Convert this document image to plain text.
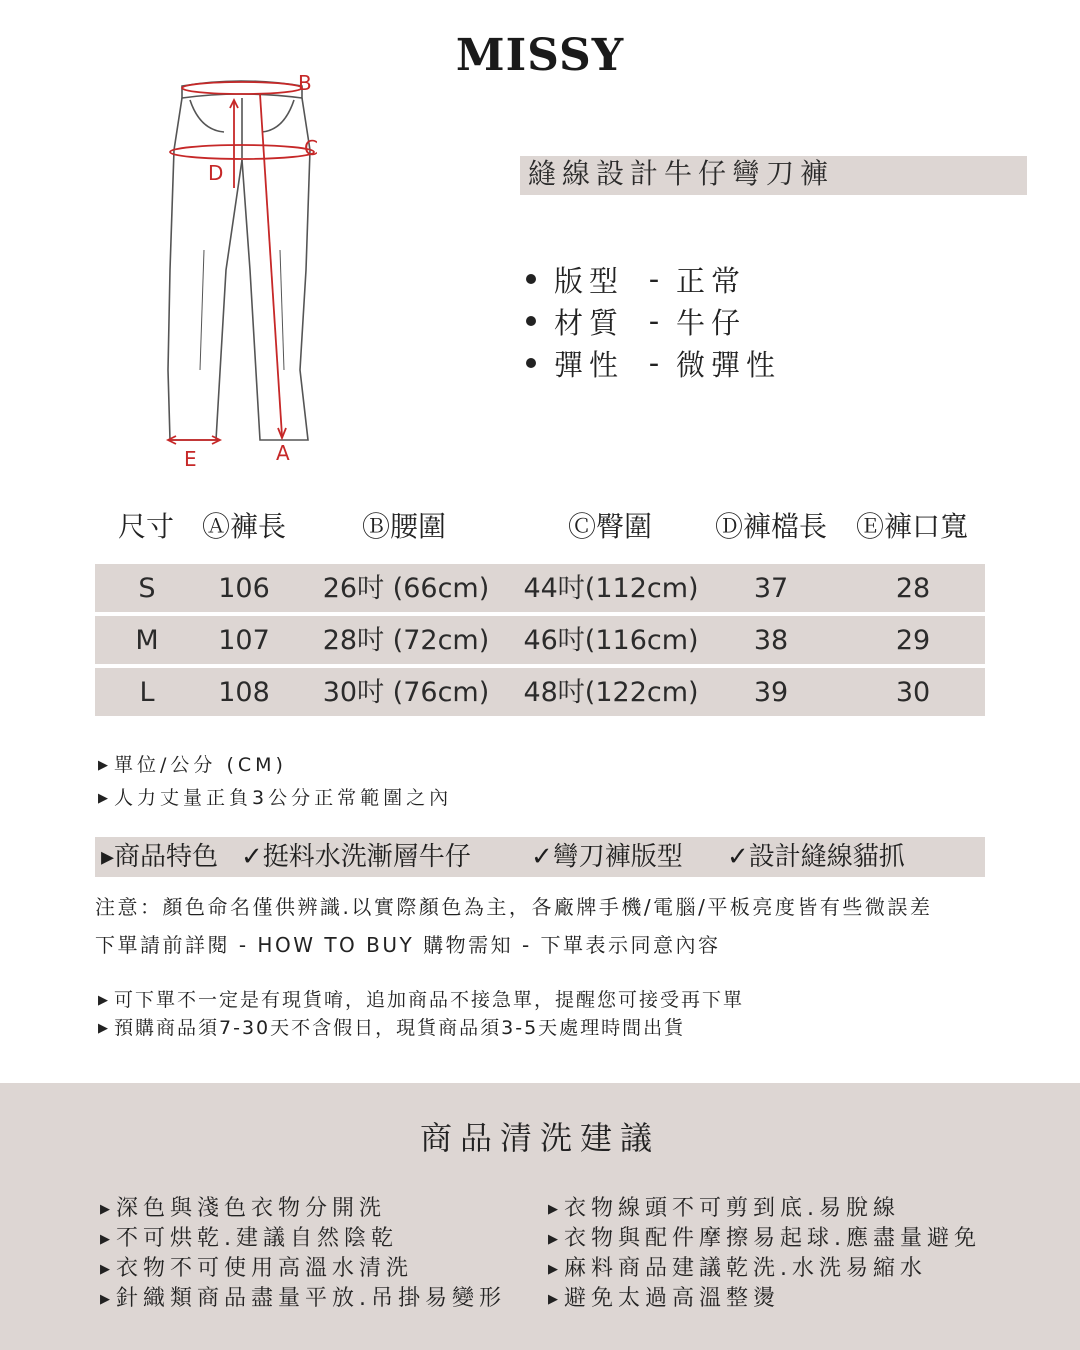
MISSY
B
C
D
E	A
縫線設計牛仔彎刀褲
版型 - 正常
材質 - 牛仔
彈性 - 微彈性
尺寸 Ⓐ褲長	Ⓑ腰圍	Ⓒ臀圍 Ⓓ褲檔長 Ⓔ褲口寬
S 106 26吋 (66cm) 44吋(112cm) 37	28
M 107 28吋 (72cm) 46吋(116cm) 38	29
L 108 30吋 (76cm) 48吋(122cm) 39	30
▶ 單位/公分 (CM)
▶ 人力丈量正負3公分正常範圍之內
▸商品特色 ✓挺料水洗漸層牛仔 ✓彎刀褲版型 ✓設計縫線貓抓
注意：顏色命名僅供辨識.以實際顏色為主，各廠牌手機/電腦/平板亮度皆有些微誤差
下單請前詳閱 - HOW TO BUY 購物需知 - 下單表示同意內容
▶ 可下單不一定是有現貨唷，追加商品不接急單，提醒您可接受再下單
▶ 預購商品須7-30天不含假日，現貨商品須3-5天處理時間出貨
商品清洗建議
▶ 深色與淺色衣物分開洗
▶ 不可烘乾.建議自然陰乾
▶ 衣物不可使用高溫水清洗
▶ 針織類商品盡量平放.吊掛易變形
▶ 衣物線頭不可剪到底.易脫線
▶ 衣物與配件摩擦易起球.應盡量避免
▶ 麻料商品建議乾洗.水洗易縮水
▶ 避免太過高溫整燙
